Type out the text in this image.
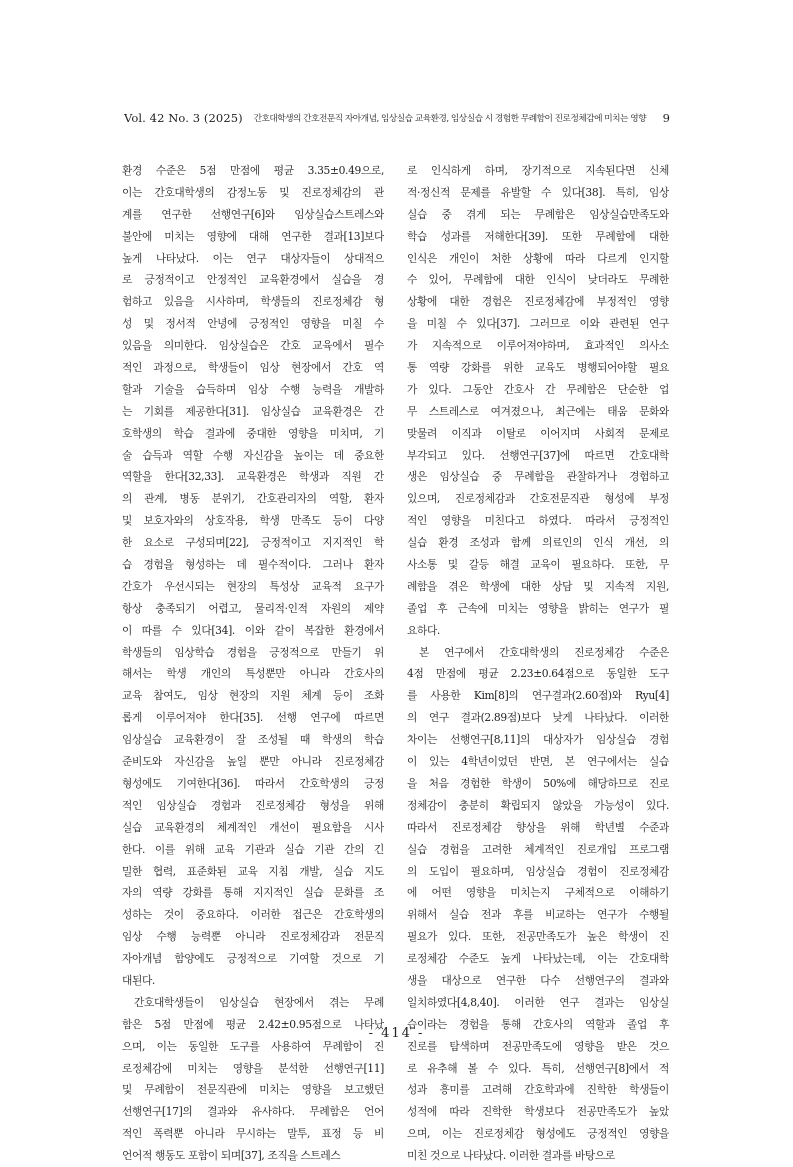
Vol. 42 No. 3 (2025) 간호대학생의 간호전문직 자아개념, 임상실습 교육환경, 임상실습 시 경험한 무례함이 진로정체감에 미치는 영향 9
환경 수준은 5점 만점에 평균 3.35±0.49으로,
이는 간호대학생의 감정노동 및 진로정체감의 관
계를 연구한 선행연구[6]와 임상실습스트레스와
불안에 미치는 영향에 대해 연구한 결과[13]보다
높게 나타났다. 이는 연구 대상자들이 상대적으
로 긍정적이고 안정적인 교육환경에서 실습을 경
험하고 있음을 시사하며, 학생들의 진로정체감 형
성 및 정서적 안녕에 긍정적인 영향을 미칠 수
있음을 의미한다. 임상실습은 간호 교육에서 필수
적인 과정으로, 학생들이 임상 현장에서 간호 역
할과 기술을 습득하며 임상 수행 능력을 개발하
는 기회를 제공한다[31]. 임상실습 교육환경은 간
호학생의 학습 결과에 중대한 영향을 미치며, 기
술 습득과 역할 수행 자신감을 높이는 데 중요한
역할을 한다[32,33]. 교육환경은 학생과 직원 간
의 관계, 병동 분위기, 간호관리자의 역할, 환자
및 보호자와의 상호작용, 학생 만족도 등이 다양
한 요소로 구성되며[22], 긍정적이고 지지적인 학
습 경험을 형성하는 데 필수적이다. 그러나 환자
간호가 우선시되는 현장의 특성상 교육적 요구가
항상 충족되기 어렵고, 물리적·인적 자원의 제약
이 따를 수 있다[34]. 이와 같이 복잡한 환경에서
학생들의 임상학습 경험을 긍정적으로 만들기 위
해서는 학생 개인의 특성뿐만 아니라 간호사의
교육 참여도, 임상 현장의 지원 체계 등이 조화
롭게 이루어져야 한다[35]. 선행 연구에 따르면
임상실습 교육환경이 잘 조성될 때 학생의 학습
준비도와 자신감을 높일 뿐만 아니라 진로정체감
형성에도 기여한다[36]. 따라서 간호학생의 긍정
적인 임상실습 경험과 진로정체감 형성을 위해
실습 교육환경의 체계적인 개선이 필요함을 시사
한다. 이를 위해 교육 기관과 실습 기관 간의 긴
밀한 협력, 표준화된 교육 지침 개발, 실습 지도
자의 역량 강화를 통해 지지적인 실습 문화를 조
성하는 것이 중요하다. 이러한 접근은 간호학생의
임상 수행 능력뿐 아니라 진로정체감과 전문직
자아개념 함양에도 긍정적으로 기여할 것으로 기
대된다.
간호대학생들이 임상실습 현장에서 겪는 무례
함은 5점 만점에 평균 2.42±0.95점으로 나타났
으며, 이는 동일한 도구를 사용하여 무례함이 진
로정체감에 미치는 영향을 분석한 선행연구[11]
및 무례함이 전문직관에 미치는 영향을 보고했던
선행연구[17]의 결과와 유사하다. 무례함은 언어
적인 폭력뿐 아니라 무시하는 말투, 표정 등 비
언어적 행동도 포함이 되며[37], 조직을 스트레스
로 인식하게 하며, 장기적으로 지속된다면 신체
적·정신적 문제를 유발할 수 있다[38]. 특히, 임상
실습 중 겪게 되는 무례함은 임상실습만족도와
학습 성과를 저해한다[39]. 또한 무례함에 대한
인식은 개인이 처한 상황에 따라 다르게 인지할
수 있어, 무례함에 대한 인식이 낮더라도 무례한
상황에 대한 경험은 진로정체감에 부정적인 영향
을 미칠 수 있다[37]. 그러므로 이와 관련된 연구
가 지속적으로 이루어져야하며, 효과적인 의사소
통 역량 강화를 위한 교육도 병행되어야할 필요
가 있다. 그동안 간호사 간 무례함은 단순한 업
무 스트레스로 여겨졌으나, 최근에는 태움 문화와
맞물려 이직과 이탈로 이어지며 사회적 문제로
부각되고 있다. 선행연구[37]에 따르면 간호대학
생은 임상실습 중 무례함을 관찰하거나 경험하고
있으며, 진로정체감과 간호전문직관 형성에 부정
적인 영향을 미친다고 하였다. 따라서 긍정적인
실습 환경 조성과 함께 의료인의 인식 개선, 의
사소통 및 갈등 해결 교육이 필요하다. 또한, 무
례함을 겪은 학생에 대한 상담 및 지속적 지원,
졸업 후 근속에 미치는 영향을 밝히는 연구가 필
요하다.
본 연구에서 간호대학생의 진로정체감 수준은
4점 만점에 평균 2.23±0.64점으로 동일한 도구
를 사용한 Kim[8]의 연구결과(2.60점)와 Ryu[4]
의 연구 결과(2.89점)보다 낮게 나타났다. 이러한
차이는 선행연구[8,11]의 대상자가 임상실습 경험
이 있는 4학년이었던 반면, 본 연구에서는 실습
을 처음 경험한 학생이 50%에 해당하므로 진로
정체감이 충분히 확립되지 않았을 가능성이 있다.
따라서 진로정체감 향상을 위해 학년별 수준과
실습 경험을 고려한 체계적인 진로개입 프로그램
의 도입이 필요하며, 임상실습 경험이 진로정체감
에 어떤 영향을 미치는지 구체적으로 이해하기
위해서 실습 전과 후를 비교하는 연구가 수행될
필요가 있다. 또한, 전공만족도가 높은 학생이 진
로정체감 수준도 높게 나타났는데, 이는 간호대학
생을 대상으로 연구한 다수 선행연구의 결과와
일치하였다[4,8,40]. 이러한 연구 결과는 임상실
습이라는 경험을 통해 간호사의 역할과 졸업 후
진로를 탐색하며 전공만족도에 영향을 받은 것으
로 유추해 볼 수 있다. 특히, 선행연구[8]에서 적
성과 흥미를 고려해 간호학과에 진학한 학생들이
성적에 따라 진학한 학생보다 전공만족도가 높았
으며, 이는 진로정체감 형성에도 긍정적인 영향을
미친 것으로 나타났다. 이러한 결과를 바탕으로
- 414 -
